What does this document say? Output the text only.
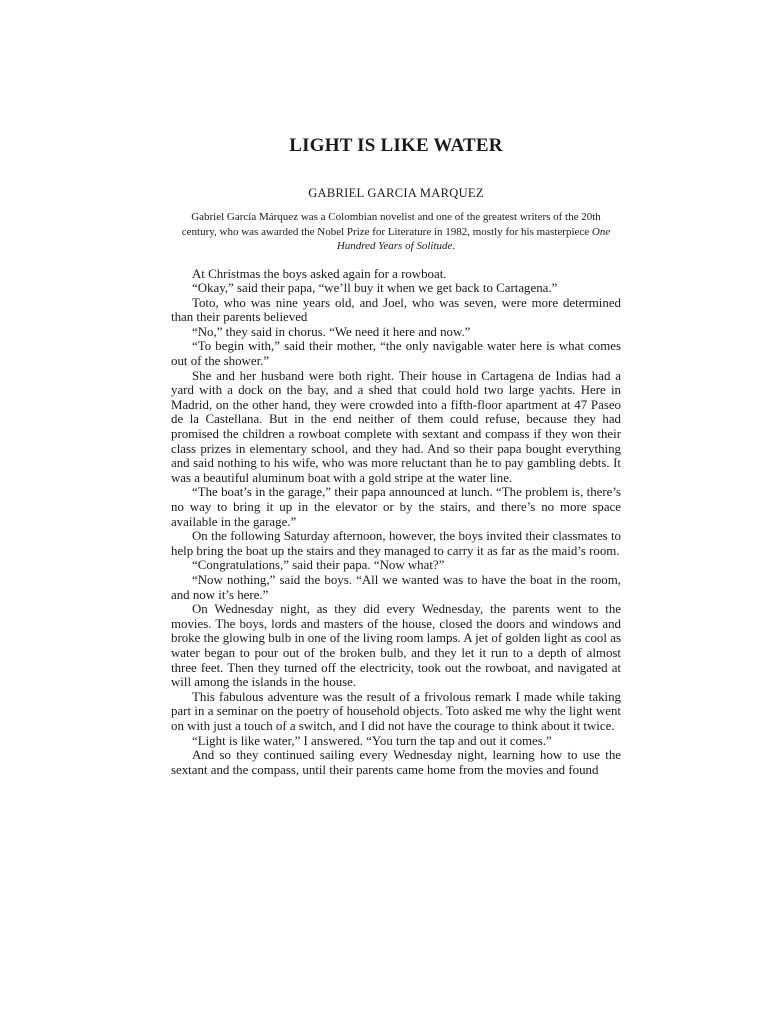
LIGHT IS LIKE WATER
GABRIEL GARCIA MARQUEZ

Gabriel García Márquez was a Colombian novelist and one of the greatest writers of the 20th century, who was awarded the Nobel Prize for Literature in 1982, mostly for his masterpiece One Hundred Years of Solitude.

At Christmas the boys asked again for a rowboat.

“Okay,” said their papa, “we’ll buy it when we get back to Cartagena.”

Toto, who was nine years old, and Joel, who was seven, were more determined than their parents believed

“No,” they said in chorus. “We need it here and now.”

“To begin with,” said their mother, “the only navigable water here is what comes out of the shower.”

She and her husband were both right. Their house in Cartagena de Indias had a yard with a dock on the bay, and a shed that could hold two large yachts. Here in Madrid, on the other hand, they were crowded into a fifth-floor apartment at 47 Paseo de la Castellana. But in the end neither of them could refuse, because they had promised the children a rowboat complete with sextant and compass if they won their class prizes in elementary school, and they had. And so their papa bought everything and said nothing to his wife, who was more reluctant than he to pay gambling debts. It was a beautiful aluminum boat with a gold stripe at the water line.

“The boat’s in the garage,” their papa announced at lunch. “The problem is, there’s no way to bring it up in the elevator or by the stairs, and there’s no more space available in the garage.”

On the following Saturday afternoon, however, the boys invited their classmates to help bring the boat up the stairs and they managed to carry it as far as the maid’s room.

“Congratulations,” said their papa. “Now what?”

“Now nothing,” said the boys. “All we wanted was to have the boat in the room, and now it’s here.”

On Wednesday night, as they did every Wednesday, the parents went to the movies. The boys, lords and masters of the house, closed the doors and windows and broke the glowing bulb in one of the living room lamps. A jet of golden light as cool as water began to pour out of the broken bulb, and they let it run to a depth of almost three feet. Then they turned off the electricity, took out the rowboat, and navigated at will among the islands in the house.

This fabulous adventure was the result of a frivolous remark I made while taking part in a seminar on the poetry of household objects. Toto asked me why the light went on with just a touch of a switch, and I did not have the courage to think about it twice.

“Light is like water,” I answered. “You turn the tap and out it comes.”

And so they continued sailing every Wednesday night, learning how to use the sextant and the compass, until their parents came home from the movies and found
